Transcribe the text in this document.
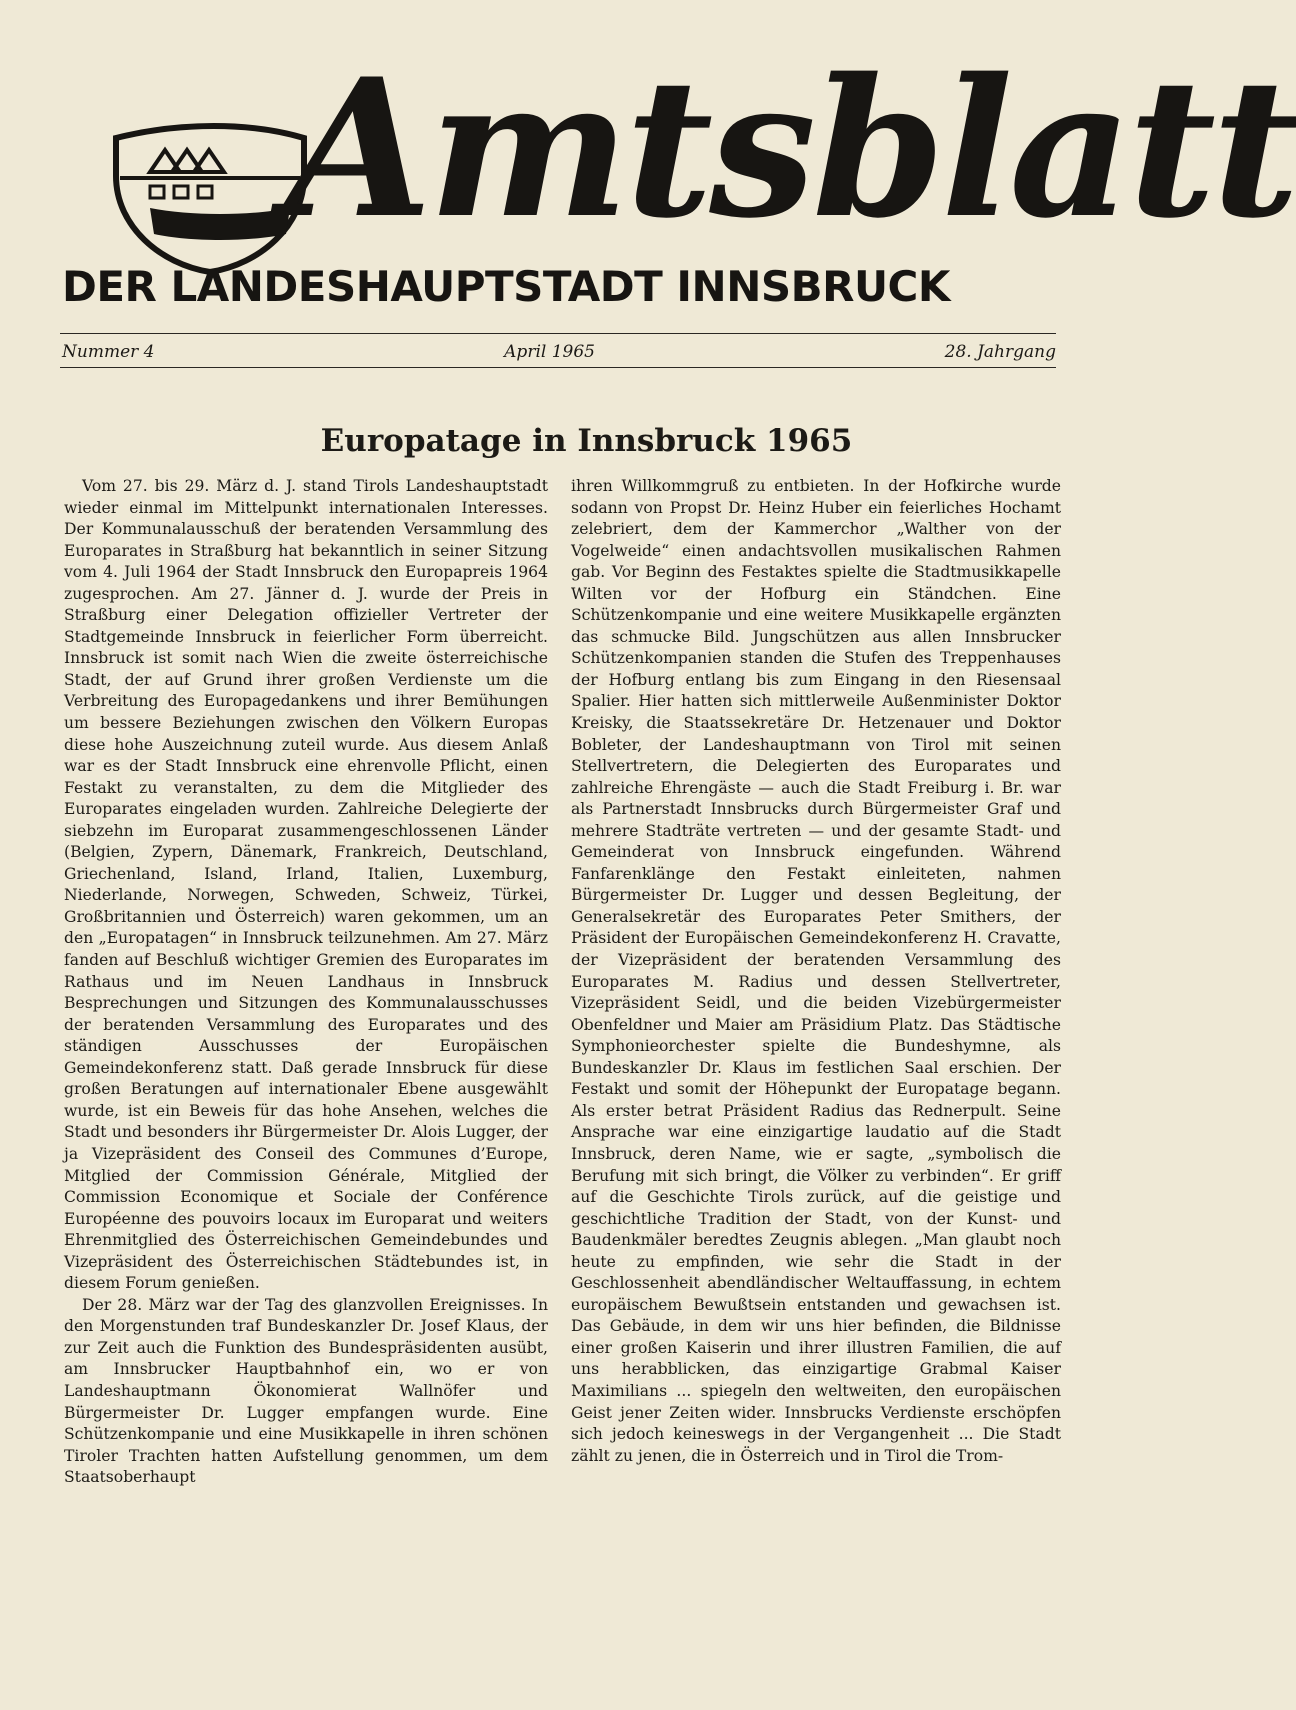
Amtsblatt
DER LANDESHAUPTSTADT INNSBRUCK
Nummer 4	April 1965	28. Jahrgang
Europatage in Innsbruck 1965

Vom 27. bis 29. März d. J. stand Tirols Landeshauptstadt wieder einmal im Mittelpunkt internationalen Interesses. Der Kommunalausschuß der beratenden Versammlung des Europarates in Straßburg hat bekanntlich in seiner Sitzung vom 4. Juli 1964 der Stadt Innsbruck den Europapreis 1964 zugesprochen. Am 27. Jänner d. J. wurde der Preis in Straßburg einer Delegation offizieller Vertreter der Stadtgemeinde Innsbruck in feierlicher Form überreicht. Innsbruck ist somit nach Wien die zweite österreichische Stadt, der auf Grund ihrer großen Verdienste um die Verbreitung des Europagedankens und ihrer Bemühungen um bessere Beziehungen zwischen den Völkern Europas diese hohe Auszeichnung zuteil wurde. Aus diesem Anlaß war es der Stadt Innsbruck eine ehrenvolle Pflicht, einen Festakt zu veranstalten, zu dem die Mitglieder des Europarates eingeladen wurden. Zahlreiche Delegierte der siebzehn im Europarat zusammengeschlossenen Länder (Belgien, Zypern, Dänemark, Frankreich, Deutschland, Griechenland, Island, Irland, Italien, Luxemburg, Niederlande, Norwegen, Schweden, Schweiz, Türkei, Großbritannien und Österreich) waren gekommen, um an den „Europatagen“ in Innsbruck teilzunehmen. Am 27. März fanden auf Beschluß wichtiger Gremien des Europarates im Rathaus und im Neuen Landhaus in Innsbruck Besprechungen und Sitzungen des Kommunalausschusses der beratenden Versammlung des Europarates und des ständigen Ausschusses der Europäischen Gemeindekonferenz statt. Daß gerade Innsbruck für diese großen Beratungen auf internationaler Ebene ausgewählt wurde, ist ein Beweis für das hohe Ansehen, welches die Stadt und besonders ihr Bürgermeister Dr. Alois Lugger, der ja Vizepräsident des Conseil des Communes d’Europe, Mitglied der Commission Générale, Mitglied der Commission Economique et Sociale der Conférence Européenne des pouvoirs locaux im Europarat und weiters Ehrenmitglied des Österreichischen Gemeindebundes und Vizepräsident des Österreichischen Städtebundes ist, in diesem Forum genießen.

Der 28. März war der Tag des glanzvollen Ereignisses. In den Morgenstunden traf Bundeskanzler Dr. Josef Klaus, der zur Zeit auch die Funktion des Bundespräsidenten ausübt, am Innsbrucker Hauptbahnhof ein, wo er von Landeshauptmann Ökonomierat Wallnöfer und Bürgermeister Dr. Lugger empfangen wurde. Eine Schützenkompanie und eine Musikkapelle in ihren schönen Tiroler Trachten hatten Aufstellung genommen, um dem Staatsoberhaupt

ihren Willkommgruß zu entbieten. In der Hofkirche wurde sodann von Propst Dr. Heinz Huber ein feierliches Hochamt zelebriert, dem der Kammerchor „Walther von der Vogelweide“ einen andachtsvollen musikalischen Rahmen gab. Vor Beginn des Festaktes spielte die Stadtmusikkapelle Wilten vor der Hofburg ein Ständchen. Eine Schützenkompanie und eine weitere Musikkapelle ergänzten das schmucke Bild. Jungschützen aus allen Innsbrucker Schützenkompanien standen die Stufen des Treppenhauses der Hofburg entlang bis zum Eingang in den Riesensaal Spalier. Hier hatten sich mittlerweile Außenminister Doktor Kreisky, die Staatssekretäre Dr. Hetzenauer und Doktor Bobleter, der Landeshauptmann von Tirol mit seinen Stellvertretern, die Delegierten des Europarates und zahlreiche Ehrengäste — auch die Stadt Freiburg i. Br. war als Partnerstadt Innsbrucks durch Bürgermeister Graf und mehrere Stadträte vertreten — und der gesamte Stadt- und Gemeinderat von Innsbruck eingefunden. Während Fanfarenklänge den Festakt einleiteten, nahmen Bürgermeister Dr. Lugger und dessen Begleitung, der Generalsekretär des Europarates Peter Smithers, der Präsident der Europäischen Gemeindekonferenz H. Cravatte, der Vizepräsident der beratenden Versammlung des Europarates M. Radius und dessen Stellvertreter, Vizepräsident Seidl, und die beiden Vizebürgermeister Obenfeldner und Maier am Präsidium Platz. Das Städtische Symphonieorchester spielte die Bundeshymne, als Bundeskanzler Dr. Klaus im festlichen Saal erschien. Der Festakt und somit der Höhepunkt der Europatage begann. Als erster betrat Präsident Radius das Rednerpult. Seine Ansprache war eine einzigartige laudatio auf die Stadt Innsbruck, deren Name, wie er sagte, „symbolisch die Berufung mit sich bringt, die Völker zu verbinden“. Er griff auf die Geschichte Tirols zurück, auf die geistige und geschichtliche Tradition der Stadt, von der Kunst- und Baudenkmäler beredtes Zeugnis ablegen. „Man glaubt noch heute zu empfinden, wie sehr die Stadt in der Geschlossenheit abendländischer Weltauffassung, in echtem europäischem Bewußtsein entstanden und gewachsen ist. Das Gebäude, in dem wir uns hier befinden, die Bildnisse einer großen Kaiserin und ihrer illustren Familien, die auf uns herabblicken, das einzigartige Grabmal Kaiser Maximilians ... spiegeln den weltweiten, den europäischen Geist jener Zeiten wider. Innsbrucks Verdienste erschöpfen sich jedoch keineswegs in der Vergangenheit ... Die Stadt zählt zu jenen, die in Österreich und in Tirol die Trom-
